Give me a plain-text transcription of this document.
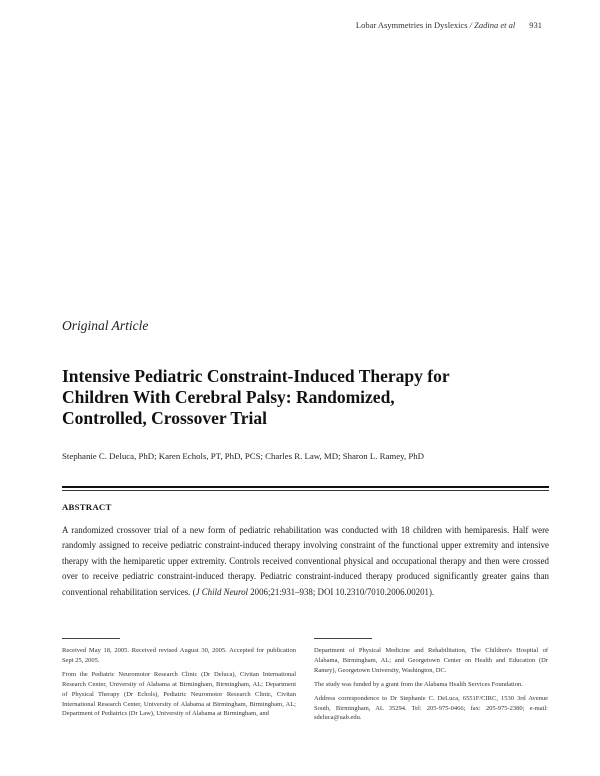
Lobar Asymmetries in Dyslexics / Zadina et al 931
Original Article
Intensive Pediatric Constraint-Induced Therapy for
Children With Cerebral Palsy: Randomized,
Controlled, Crossover Trial
Stephanie C. Deluca, PhD; Karen Echols, PT, PhD, PCS; Charles R. Law, MD; Sharon L. Ramey, PhD
ABSTRACT
A randomized crossover trial of a new form of pediatric rehabilitation was conducted with 18 children with hemiparesis. Half were randomly assigned to receive pediatric constraint-induced therapy involving constraint of the functional upper extremity and intensive therapy with the hemiparetic upper extremity. Controls received conventional physical and occupational therapy and then were crossed over to receive pediatric constraint-induced therapy. Pediatric constraint-induced therapy produced significantly greater gains than conventional rehabilitation services. (J Child Neurol 2006;21:931–938; DOI 10.2310/7010.2006.00201).

Received May 18, 2005. Received revised August 30, 2005. Accepted for publication Sept 25, 2005.

From the Pediatric Neuromotor Research Clinic (Dr Deluca), Civitan International Research Center, University of Alabama at Birmingham, Birmingham, AL; Department of Physical Therapy (Dr Echols), Pediatric Neuromotor Research Clinic, Civitan International Research Center, University of Alabama at Birmingham, Birmingham, AL; Department of Pediatrics (Dr Law), University of Alabama at Birmingham, and

Department of Physical Medicine and Rehabilitation, The Children's Hospital of Alabama, Birmingham, AL; and Georgetown Center on Health and Education (Dr Ramey), Georgetown University, Washington, DC.

The study was funded by a grant from the Alabama Health Services Foundation.

Address correspondence to Dr Stephanie C. DeLuca, 6551F/CIRC, 1530 3rd Avenue South, Birmingham, AL 35294. Tel: 205-975-0466; fax: 205-975-2380; e-mail: sdeluca@uab.edu.
